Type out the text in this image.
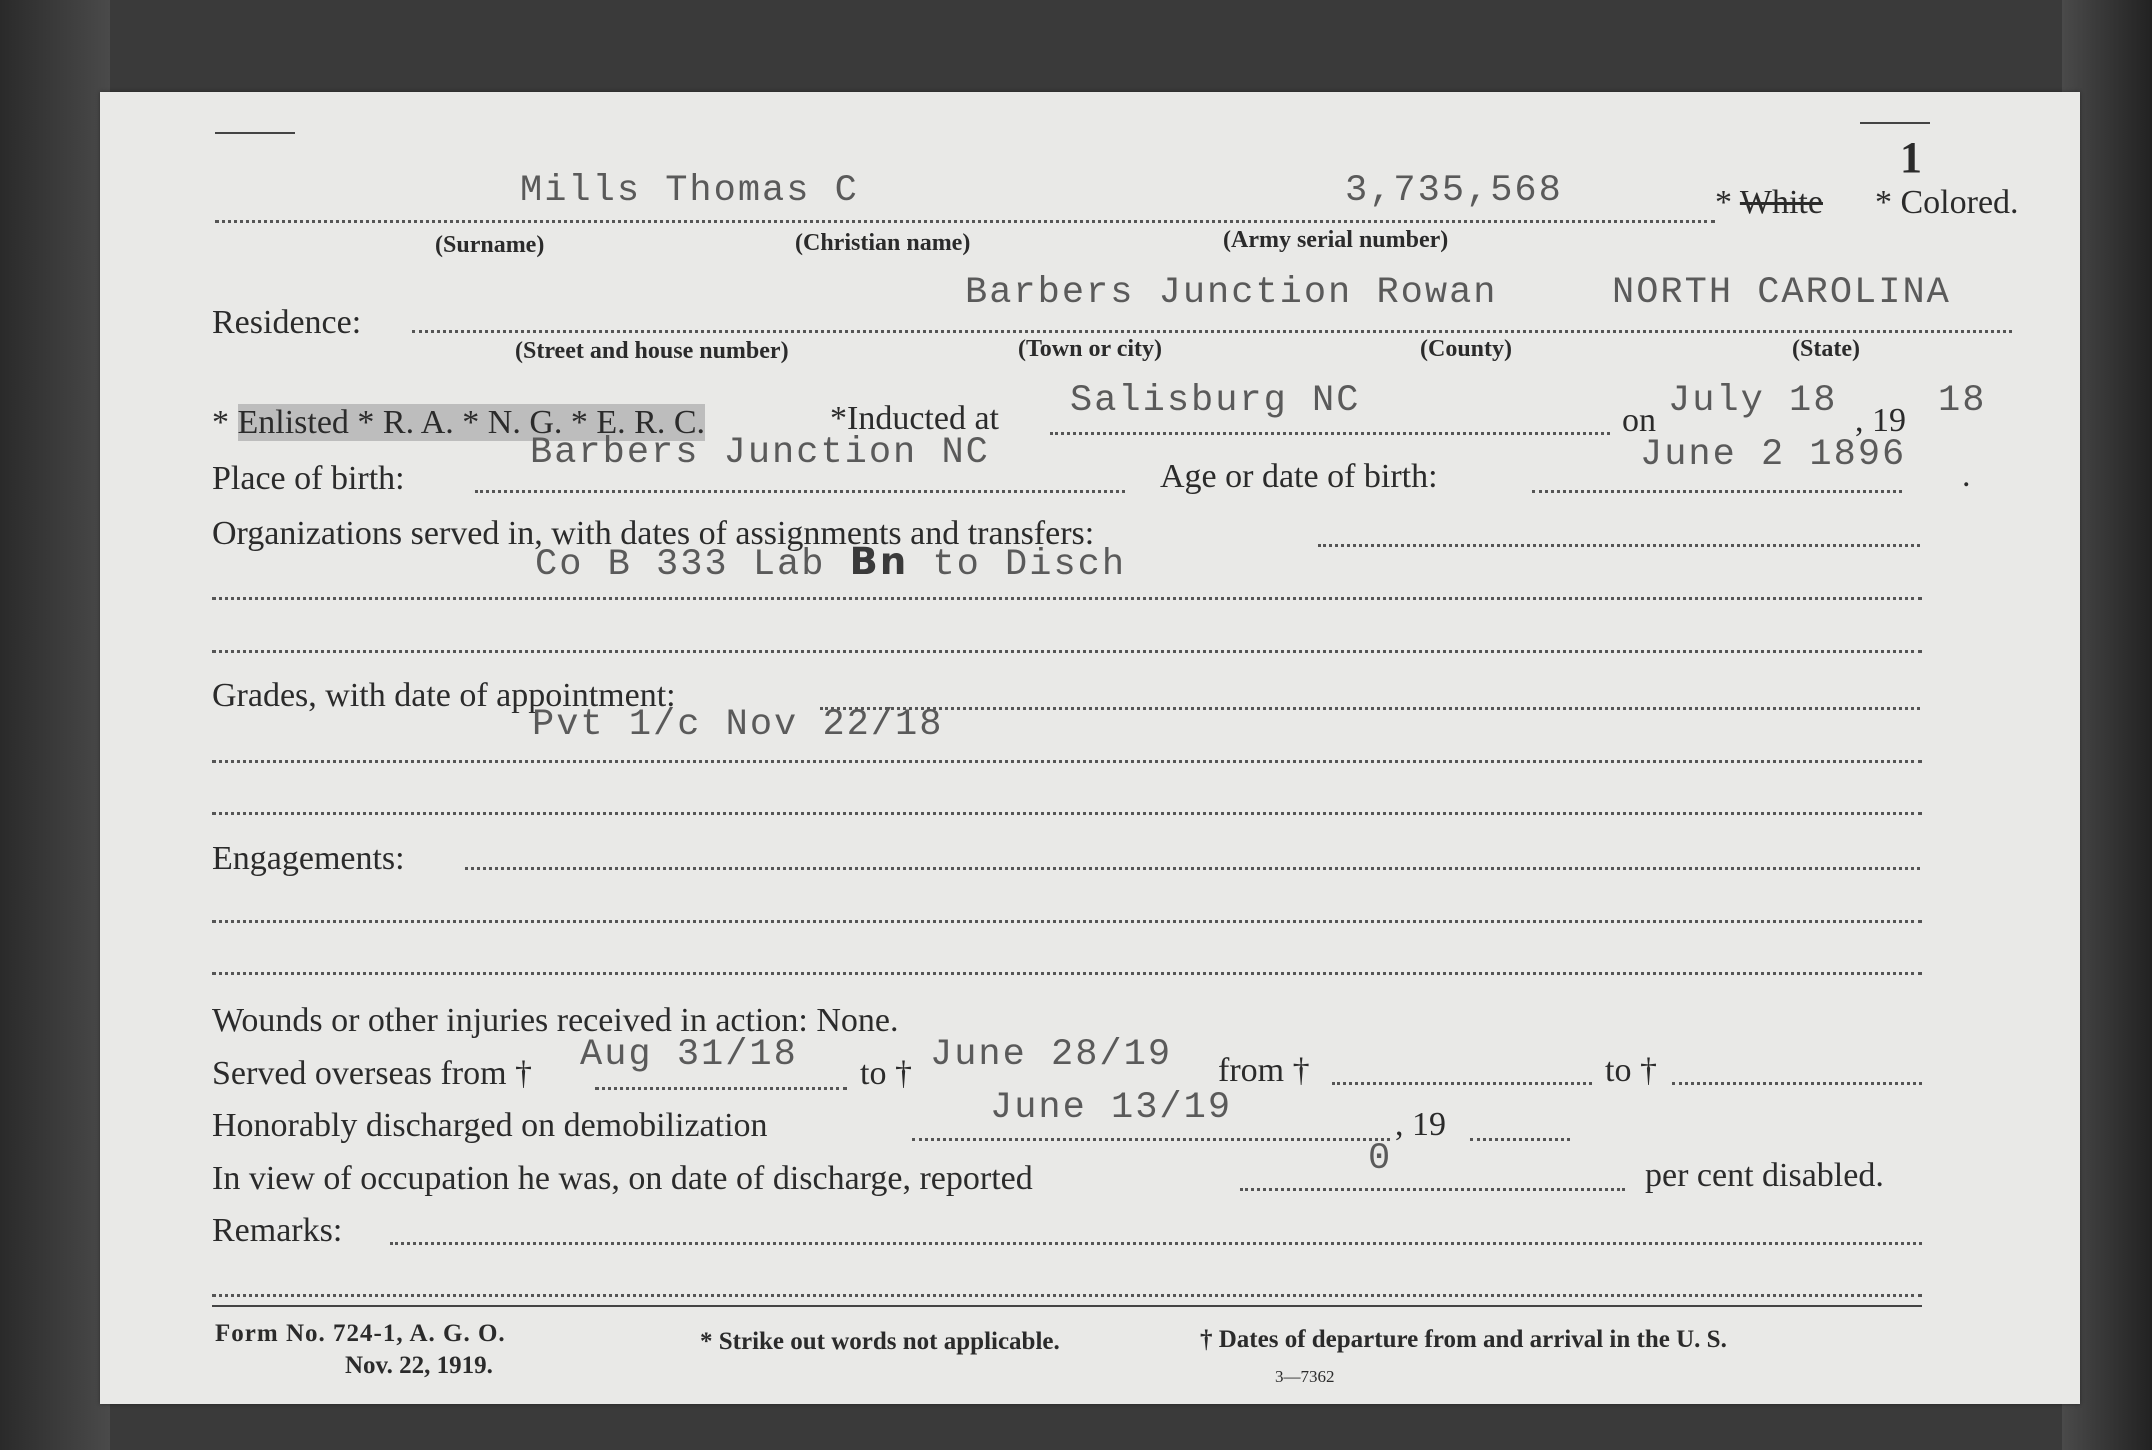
1
Mills Thomas C	3,735,568	* White * Colored.
(Surname)	(Christian name)	(Army serial number)
Residence:
Barbers Junction Rowan	NORTH CAROLINA
(Street and house number)	(Town or city)	(County)	(State)
* Enlisted * R. A. * N. G. * E. R. C.	*Inducted at Salisburg NC	on July 18 , 19 18
Place of birth:
Barbers Junction NC
Age or date of birth:
June 2 1896 .
Organizations served in, with dates of assignments and transfers:
Co B 333 Lab Bn to Disch
Grades, with date of appointment:
Pvt 1/c Nov 22/18
Engagements:
Wounds or other injuries received in action: None.
Served overseas from † Aug 31/18 to † June 28/19 from †	to †
Honorably discharged on demobilization	June 13/19	, 19
In view of occupation he was, on date of discharge, reported	0	per cent disabled.
Remarks:
Form No. 724-1, A. G. O.
Nov. 22, 1919.
* Strike out words not applicable.	† Dates of departure from and arrival in the U. S.
3—7362
